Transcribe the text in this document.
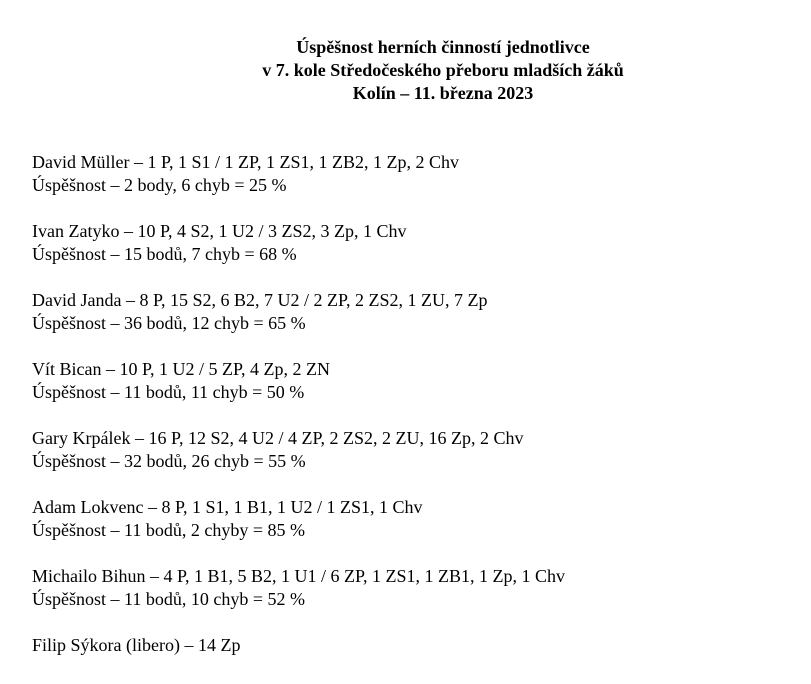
Úspěšnost herních činností jednotlivce
v 7. kole Středočeského přeboru mladších žáků
Kolín – 11. března 2023
David Müller – 1 P, 1 S1 / 1 ZP, 1 ZS1, 1 ZB2, 1 Zp, 2 Chv
Úspěšnost – 2 body, 6 chyb = 25 %
Ivan Zatyko – 10 P, 4 S2, 1 U2 / 3 ZS2, 3 Zp, 1 Chv
Úspěšnost – 15 bodů, 7 chyb = 68 %
David Janda – 8 P, 15 S2, 6 B2, 7 U2 / 2 ZP, 2 ZS2, 1 ZU, 7 Zp
Úspěšnost – 36 bodů, 12 chyb = 65 %
Vít Bican – 10 P, 1 U2 / 5 ZP, 4 Zp, 2 ZN
Úspěšnost – 11 bodů, 11 chyb = 50 %
Gary Krpálek – 16 P, 12 S2, 4 U2 / 4 ZP, 2 ZS2, 2 ZU, 16 Zp, 2 Chv
Úspěšnost – 32 bodů, 26 chyb = 55 %
Adam Lokvenc – 8 P, 1 S1, 1 B1, 1 U2 / 1 ZS1, 1 Chv
Úspěšnost – 11 bodů, 2 chyby = 85 %
Michailo Bihun – 4 P, 1 B1, 5 B2, 1 U1 / 6 ZP, 1 ZS1, 1 ZB1, 1 Zp, 1 Chv
Úspěšnost – 11 bodů, 10 chyb = 52 %
Filip Sýkora (libero) – 14 Zp
